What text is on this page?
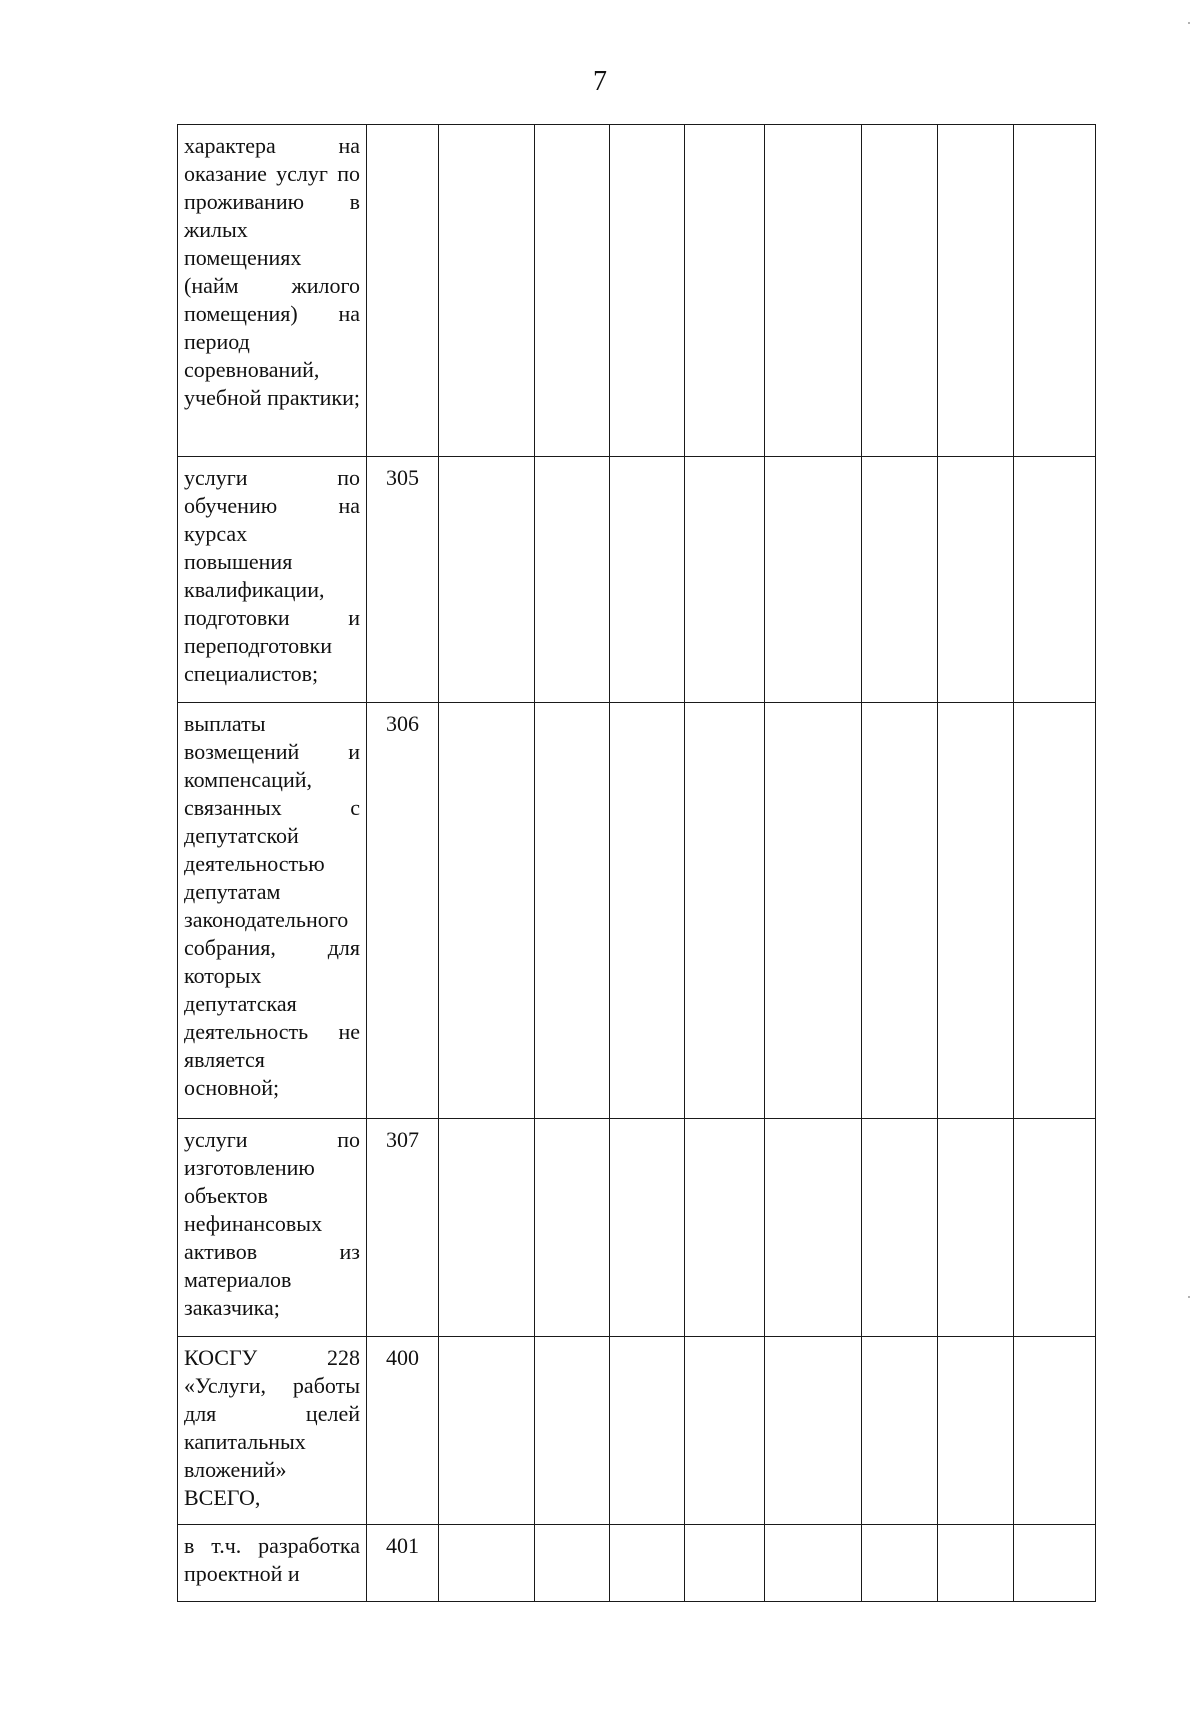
7
характера на оказание услуг по проживанию в жилых помещениях (найм жилого помещения) на период соревнований, учебной практики;									
услуги по обучению на курсах повышения квалификации, подготовки и переподготовки специалистов;	305								
выплаты возмещений и компенсаций, связанных с депутатской деятельностью депутатам законодательного собрания, для которых депутатская деятельность не является основной;	306								
услуги по изготовлению объектов нефинансовых активов из материалов заказчика;	307								
КОСГУ 228 «Услуги, работы для целей капитальных вложений» ВСЕГО,	400								
в т.ч. разработка проектной и	401								
